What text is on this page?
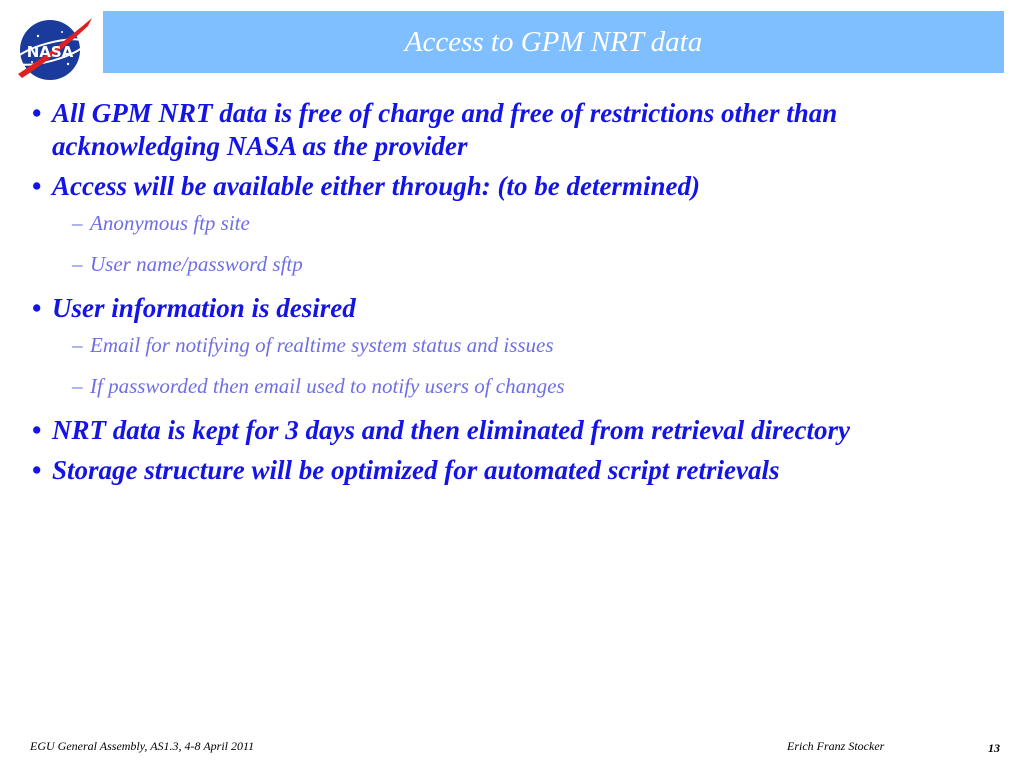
NASA	Access to GPM NRT data
• All GPM NRT data is free of charge and free of restrictions other than acknowledging NASA as the provider
• Access will be available either through: (to be determined)
– Anonymous ftp site
– User name/password sftp
• User information is desired
– Email for notifying of realtime system status and issues
– If passworded then email used to notify users of changes
• NRT data is kept for 3 days and then eliminated from retrieval directory
• Storage structure will be optimized for automated script retrievals
EGU General Assembly, AS1.3, 4-8 April 2011	Erich Franz Stocker	13
